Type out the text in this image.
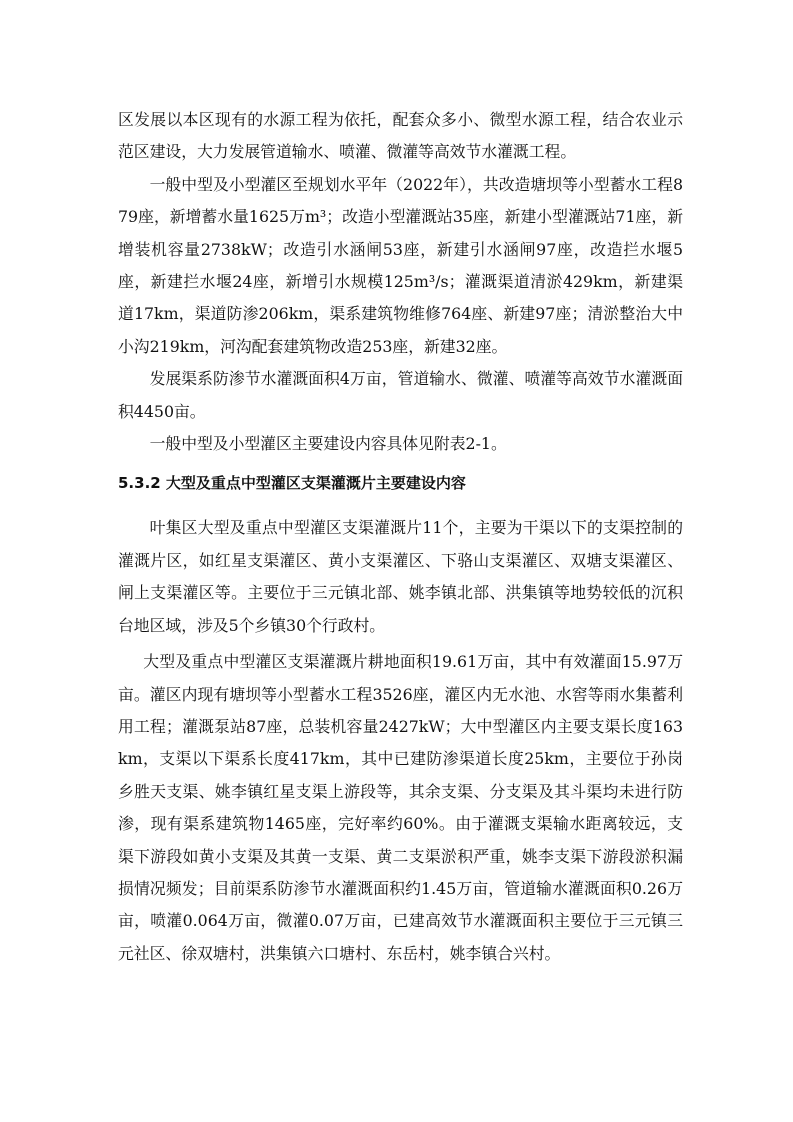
区发展以本区现有的水源工程为依托，配套众多小、微型水源工程，结合农业示范区建设，大力发展管道输水、喷灌、微灌等高效节水灌溉工程。

一般中型及小型灌区至规划水平年（2022年），共改造塘坝等小型蓄水工程879座，新增蓄水量1625万m³；改造小型灌溉站35座，新建小型灌溉站71座，新增装机容量2738kW；改造引水涵闸53座，新建引水涵闸97座，改造拦水堰5座，新建拦水堰24座，新增引水规模125m³/s；灌溉渠道清淤429km，新建渠道17km，渠道防渗206km，渠系建筑物维修764座、新建97座；清淤整治大中小沟219km，河沟配套建筑物改造253座，新建32座。

发展渠系防渗节水灌溉面积4万亩，管道输水、微灌、喷灌等高效节水灌溉面积4450亩。

一般中型及小型灌区主要建设内容具体见附表2-1。

5.3.2 大型及重点中型灌区支渠灌溉片主要建设内容

叶集区大型及重点中型灌区支渠灌溉片11个，主要为干渠以下的支渠控制的灌溉片区，如红星支渠灌区、黄小支渠灌区、下骆山支渠灌区、双塘支渠灌区、闸上支渠灌区等。主要位于三元镇北部、姚李镇北部、洪集镇等地势较低的沉积台地区域，涉及5个乡镇30个行政村。

大型及重点中型灌区支渠灌溉片耕地面积19.61万亩，其中有效灌面15.97万亩。灌区内现有塘坝等小型蓄水工程3526座，灌区内无水池、水窖等雨水集蓄利用工程；灌溉泵站87座，总装机容量2427kW；大中型灌区内主要支渠长度163km，支渠以下渠系长度417km，其中已建防渗渠道长度25km，主要位于孙岗乡胜天支渠、姚李镇红星支渠上游段等，其余支渠、分支渠及其斗渠均未进行防渗，现有渠系建筑物1465座，完好率约60%。由于灌溉支渠输水距离较远，支渠下游段如黄小支渠及其黄一支渠、黄二支渠淤积严重，姚李支渠下游段淤积漏损情况频发；目前渠系防渗节水灌溉面积约1.45万亩，管道输水灌溉面积0.26万亩，喷灌0.064万亩，微灌0.07万亩，已建高效节水灌溉面积主要位于三元镇三元社区、徐双塘村，洪集镇六口塘村、东岳村，姚李镇合兴村。
